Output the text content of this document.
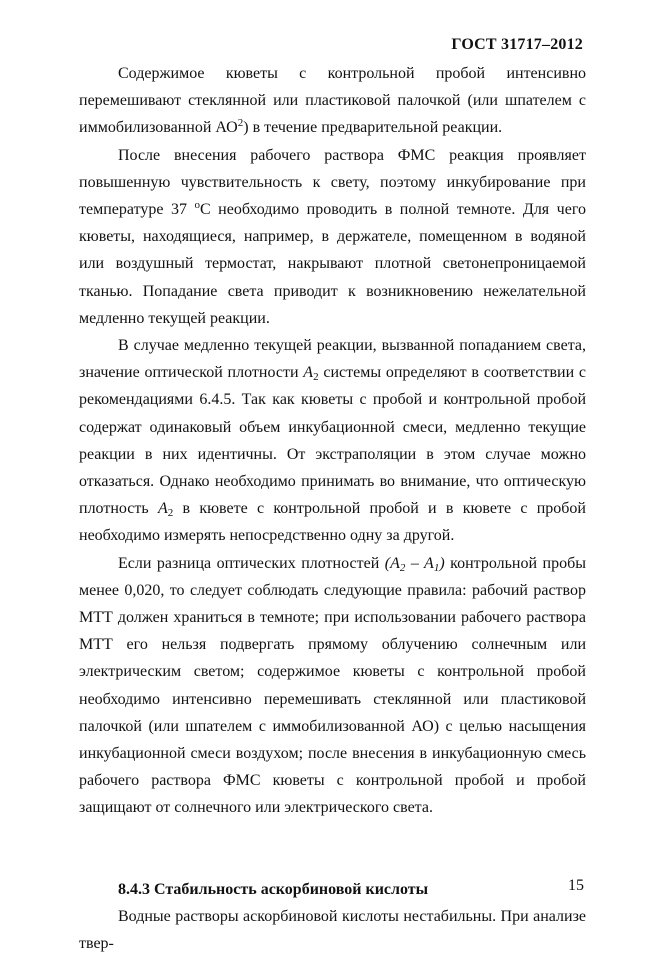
ГОСТ 31717–2012

Содержимое кюветы с контрольной пробой интенсивно перемешивают стеклянной или пластиковой палочкой (или шпателем с иммобилизованной $АО^2$) в течение предварительной реакции.

После внесения рабочего раствора ФМС реакция проявляет повышенную чувствительность к свету, поэтому инкубирование при температуре 37 $^о$С необходимо проводить в полной темноте. Для чего кюветы, находящиеся, например, в держателе, помещенном в водяной или воздушный термостат, накрывают плотной светонепроницаемой тканью. Попадание света приводит к возникновению нежелательной медленно текущей реакции.

В случае медленно текущей реакции, вызванной попаданием света, значение оптической плотности $A_2$ системы определяют в соответствии с рекомендациями 6.4.5. Так как кюветы с пробой и контрольной пробой содержат одинаковый объем инкубационной смеси, медленно текущие реакции в них идентичны. От экстраполяции в этом случае можно отказаться. Однако необходимо принимать во внимание, что оптическую плотность $A_2$ в кювете с контрольной пробой и в кювете с пробой необходимо измерять непосредственно одну за другой.

Если разница оптических плотностей $(A_2 - A_1)$ контрольной пробы менее 0,020, то следует соблюдать следующие правила: рабочий раствор МТТ должен храниться в темноте; при использовании рабочего раствора МТТ его нельзя подвергать прямому облучению солнечным или электрическим светом; содержимое кюветы с контрольной пробой необходимо интенсивно перемешивать стеклянной или пластиковой палочкой (или шпателем с иммобилизованной АО) с целью насыщения инкубационной смеси воздухом; после внесения в инкубационную смесь рабочего раствора ФМС кюветы с контрольной пробой и пробой защищают от солнечного или электрического света.

8.4.3 Стабильность аскорбиновой кислоты

Водные растворы аскорбиновой кислоты нестабильны. При анализе твер-

15
